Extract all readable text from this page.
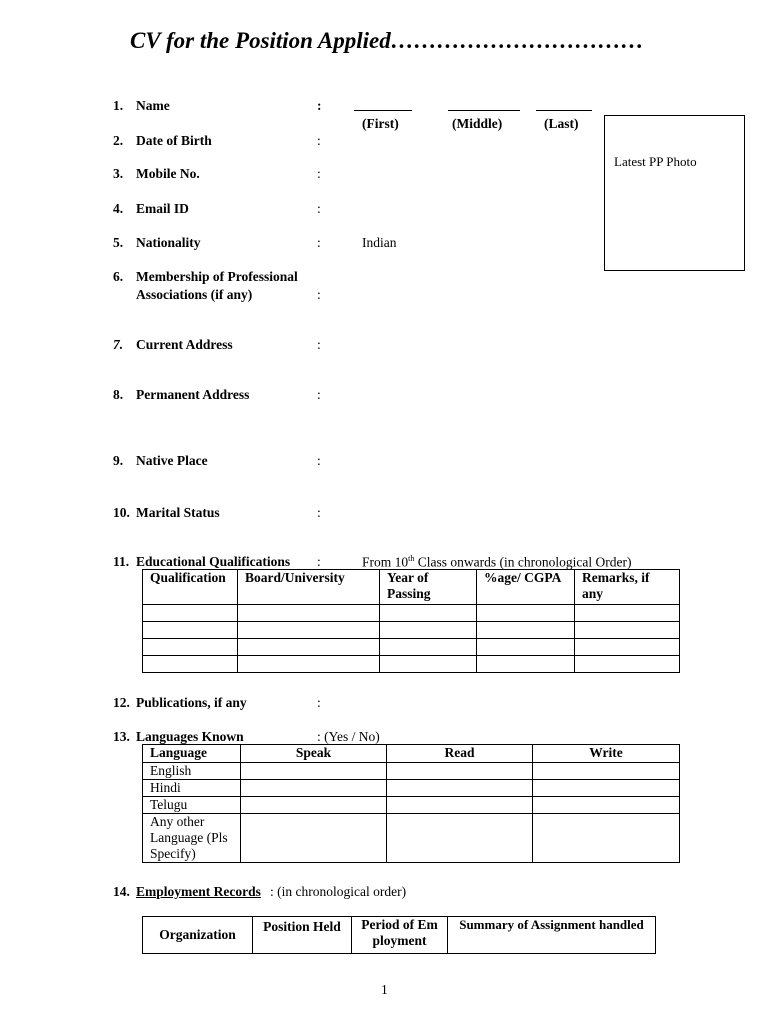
CV for the Position Applied……………………………
1. Name	:
(First)	(Middle)	(Last)
Latest PP Photo
2. Date of Birth	:
3. Mobile No.	:
4. Email ID	:
5. Nationality	:	Indian
6. Membership of Professional
Associations (if any)	:
7. Current Address	:
8. Permanent Address	:
9. Native Place	:
10. Marital Status	:
11. Educational Qualifications :	From 10th Class onwards (in chronological Order)
Qualification	Board/University	Year of Passing	%age/ CGPA	Remarks, if any

12. Publications, if any	:
13. Languages Known	: (Yes / No)
Language	Speak	Read	Write
English			
Hindi			
Telugu			
Any other Language (Pls Specify)			
14. Employment Records : (in chronological order)
Organization	Position Held	Period of Employment	Summary of Assignment handled
1
